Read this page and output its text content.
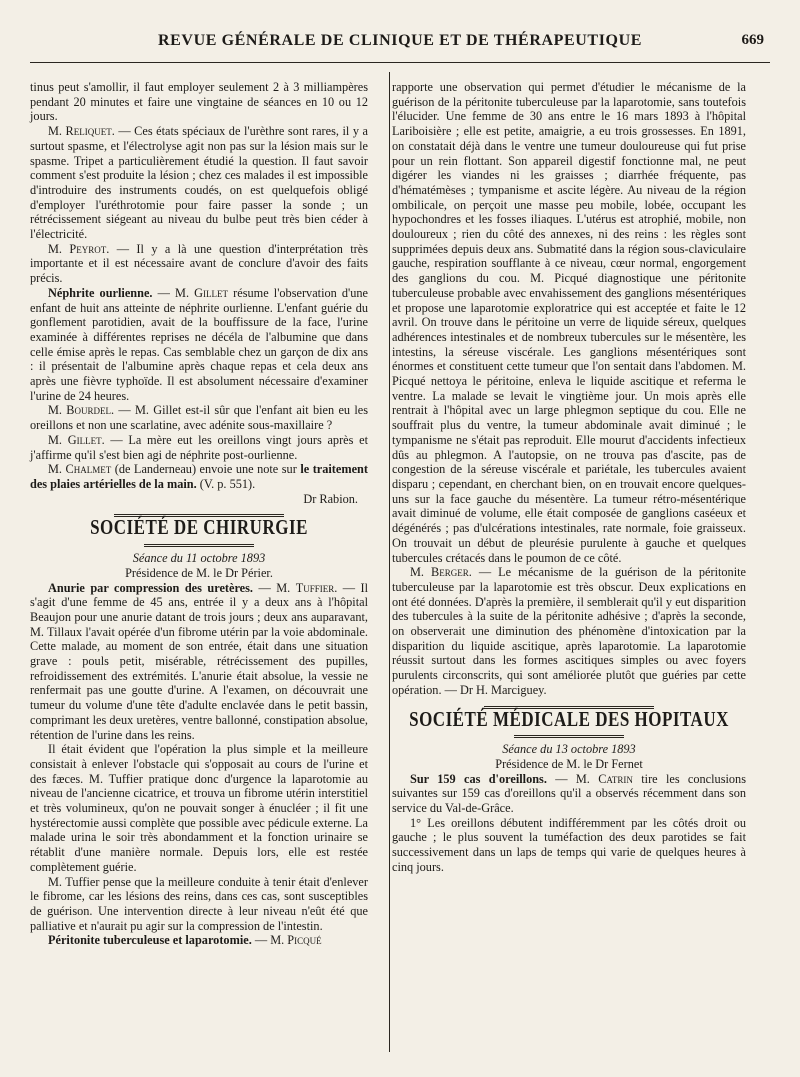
REVUE GÉNÉRALE DE CLINIQUE ET DE THÉRAPEUTIQUE	669

tinus peut s'amollir, il faut employer seulement 2 à 3 milliampères pendant 20 minutes et faire une vingtaine de séances en 10 ou 12 jours.

M. Reliquet. — Ces états spéciaux de l'urèthre sont rares, il y a surtout spasme, et l'électrolyse agit non pas sur la lésion mais sur le spasme. Tripet a particulièrement étudié la question. Il faut savoir comment s'est produite la lésion ; chez ces malades il est impossible d'introduire des instruments coudés, on est quelquefois obligé d'employer l'uréthrotomie pour faire passer la sonde ; un rétrécissement siégeant au niveau du bulbe peut très bien céder à l'électricité.

M. Peyrot. — Il y a là une question d'interprétation très importante et il est nécessaire avant de conclure d'avoir des faits précis.

Néphrite ourlienne. — M. Gillet résume l'observation d'une enfant de huit ans atteinte de néphrite ourlienne. L'enfant guérie du gonflement parotidien, avait de la bouffissure de la face, l'urine examinée à différentes reprises ne décéla de l'albumine que dans celle émise après le repas. Cas semblable chez un garçon de dix ans : il présentait de l'albumine après chaque repas et cela deux ans après une fièvre typhoïde. Il est absolument nécessaire d'examiner l'urine de 24 heures.

M. Bourdel. — M. Gillet est-il sûr que l'enfant ait bien eu les oreillons et non une scarlatine, avec adénite sous-maxillaire ?

M. Gillet. — La mère eut les oreillons vingt jours après et j'affirme qu'il s'est bien agi de néphrite post-ourlienne.

M. Chalmet (de Landerneau) envoie une note sur le traitement des plaies artérielles de la main. (V. p. 551).

Dr Rabion.

SOCIÉTÉ DE CHIRURGIE

Séance du 11 octobre 1893

Présidence de M. le Dr Périer.

Anurie par compression des uretères. — M. Tuffier. — Il s'agit d'une femme de 45 ans, entrée il y a deux ans à l'hôpital Beaujon pour une anurie datant de trois jours ; deux ans auparavant, M. Tillaux l'avait opérée d'un fibrome utérin par la voie abdominale. Cette malade, au moment de son entrée, était dans une situation grave : pouls petit, misérable, rétrécissement des pupilles, refroidissement des extrémités. L'anurie était absolue, la vessie ne renfermait pas une goutte d'urine. A l'examen, on découvrait une tumeur du volume d'une tête d'adulte enclavée dans le petit bassin, comprimant les deux uretères, ventre ballonné, constipation absolue, rétention de l'urine dans les reins.

Il était évident que l'opération la plus simple et la meilleure consistait à enlever l'obstacle qui s'opposait au cours de l'urine et des fæces. M. Tuffier pratique donc d'urgence la laparotomie au niveau de l'ancienne cicatrice, et trouva un fibrome utérin interstitiel et très volumineux, qu'on ne pouvait songer à énucléer ; il fit une hystérectomie aussi complète que possible avec pédicule externe. La malade urina le soir très abondamment et la fonction urinaire se rétablit d'une manière normale. Depuis lors, elle est restée complètement guérie.

M. Tuffier pense que la meilleure conduite à tenir était d'enlever le fibrome, car les lésions des reins, dans ces cas, sont susceptibles de guérison. Une intervention directe à leur niveau n'eût été que palliative et n'aurait pu agir sur la compression de l'intestin.

Péritonite tuberculeuse et laparotomie. — M. Picqué

rapporte une observation qui permet d'étudier le mécanisme de la guérison de la péritonite tuberculeuse par la laparotomie, sans toutefois l'élucider. Une femme de 30 ans entre le 16 mars 1893 à l'hôpital Lariboisière ; elle est petite, amaigrie, a eu trois grossesses. En 1891, on constatait déjà dans le ventre une tumeur douloureuse qui fut prise pour un rein flottant. Son appareil digestif fonctionne mal, ne peut digérer les viandes ni les graisses ; diarrhée fréquente, pas d'hématémèses ; tympanisme et ascite légère. Au niveau de la région ombilicale, on perçoit une masse peu mobile, lobée, occupant les hypochondres et les fosses iliaques. L'utérus est atrophié, mobile, non douloureux ; rien du côté des annexes, ni des reins : les règles sont supprimées depuis deux ans. Submatité dans la région sous-claviculaire gauche, respiration soufflante à ce niveau, cœur normal, engorgement des ganglions du cou. M. Picqué diagnostique une péritonite tuberculeuse probable avec envahissement des ganglions mésentériques et propose une laparotomie exploratrice qui est acceptée et faite le 12 avril. On trouve dans le péritoine un verre de liquide séreux, quelques adhérences intestinales et de nombreux tubercules sur le mésentère, les intestins, la séreuse viscérale. Les ganglions mésentériques sont énormes et constituent cette tumeur que l'on sentait dans l'abdomen. M. Picqué nettoya le péritoine, enleva le liquide ascitique et referma le ventre. La malade se levait le vingtième jour. Un mois après elle rentrait à l'hôpital avec un large phlegmon septique du cou. Elle ne souffrait plus du ventre, la tumeur abdominale avait diminué ; le tympanisme ne s'était pas reproduit. Elle mourut d'accidents infectieux dûs au phlegmon. A l'autopsie, on ne trouva pas d'ascite, pas de congestion de la séreuse viscérale et pariétale, les tubercules avaient disparu ; cependant, en cherchant bien, on en trouvait encore quelques-uns sur la face gauche du mésentère. La tumeur rétro-mésentérique avait diminué de volume, elle était composée de ganglions caséeux et dégénérés ; pas d'ulcérations intestinales, rate normale, foie graisseux. On trouvait un début de pleurésie purulente à gauche et quelques tubercules crétacés dans le poumon de ce côté.

M. Berger. — Le mécanisme de la guérison de la péritonite tuberculeuse par la laparotomie est très obscur. Deux explications en ont été données. D'après la première, il semblerait qu'il y eut disparition des tubercules à la suite de la péritonite adhésive ; d'après la seconde, on observerait une diminution des phénomène d'intoxication par la disparition du liquide ascitique, après laparotomie. La laparotomie réussit surtout dans les formes ascitiques simples ou avec foyers purulents circonscrits, qui sont améliorée plutôt que guéries par cette opération. — Dr H. Marciguey.

SOCIÉTÉ MÉDICALE DES HOPITAUX

Séance du 13 octobre 1893

Présidence de M. le Dr Fernet

Sur 159 cas d'oreillons. — M. Catrin tire les conclusions suivantes sur 159 cas d'oreillons qu'il a observés récemment dans son service du Val-de-Grâce.

1° Les oreillons débutent indifféremment par les côtés droit ou gauche ; le plus souvent la tuméfaction des deux parotides se fait successivement dans un laps de temps qui varie de quelques heures à cinq jours.
